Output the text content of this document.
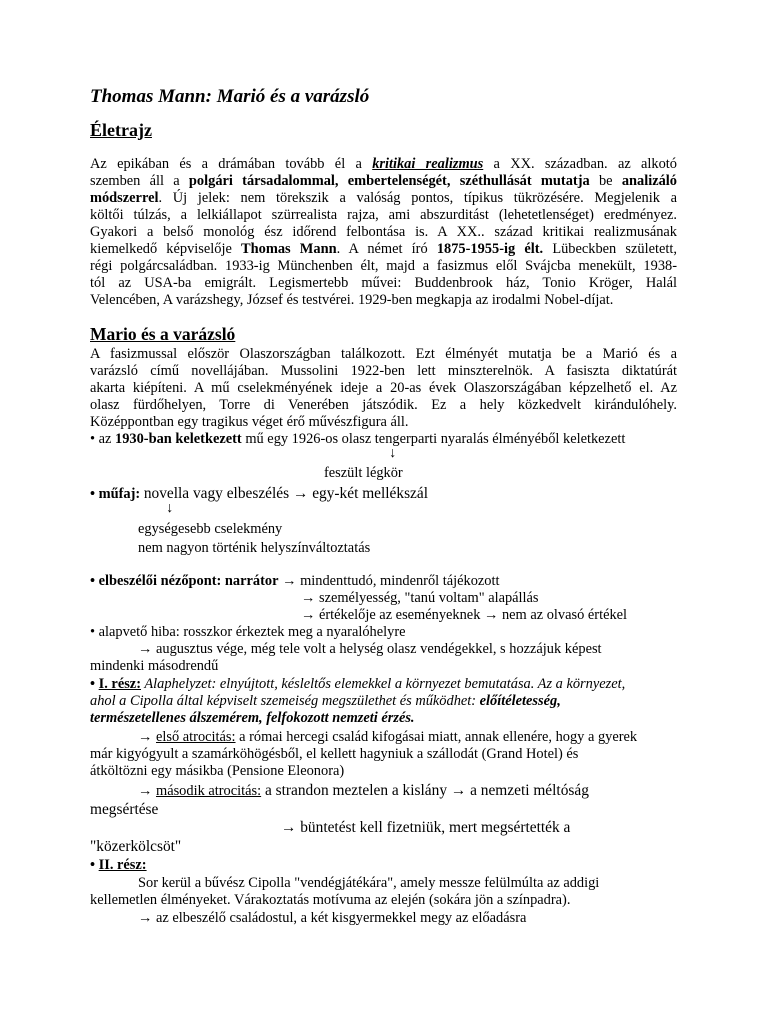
Thomas Mann: Marió és a varázsló
Életrajz
Az epikában és a drámában tovább él a kritikai realizmus a XX. században. az alkotó
szemben áll a polgári társadalommal, embertelenségét, széthullását mutatja be analizáló
módszerrel. Új jelek: nem törekszik a valóság pontos, típikus tükrözésére. Megjelenik a
költői túlzás, a lelkiállapot szürrealista rajza, ami abszurditást (lehetetlenséget) eredményez.
Gyakori a belső monológ ész időrend felbontása is. A XX.. század kritikai realizmusának
kiemelkedő képviselője Thomas Mann. A német író 1875-1955-ig élt. Lübeckben született,
régi polgárcsaládban. 1933-ig Münchenben élt, majd a fasizmus elől Svájcba menekült, 1938-
tól az USA-ba emigrált. Legismertebb művei: Buddenbrook ház, Tonio Kröger, Halál
Velencében, A varázshegy, József és testvérei. 1929-ben megkapja az irodalmi Nobel-díjat.
Mario és a varázsló
A fasizmussal először Olaszországban találkozott. Ezt élményét mutatja be a Marió és a
varázsló című novellájában. Mussolini 1922-ben lett minszterelnök. A fasiszta diktatúrát
akarta kiépíteni. A mű cselekményének ideje a 20-as évek Olaszországában képzelhető el. Az
olasz fürdőhelyen, Torre di Venerében játszódik. Ez a hely közkedvelt kirándulóhely.
Középpontban egy tragikus véget érő művészfigura áll.
• az 1930-ban keletkezett mű egy 1926-os olasz tengerparti nyaralás élményéből keletkezett
↓
feszült légkör
• műfaj: novella vagy elbeszélés → egy-két mellékszál
↓
egységesebb cselekmény
nem nagyon történik helyszínváltoztatás
• elbeszélői nézőpont: narrátor → mindenttudó, mindenről tájékozott
→ személyesség, "tanú voltam" alapállás
→ értékelője az eseményeknek → nem az olvasó értékel
• alapvető hiba: rosszkor érkeztek meg a nyaralóhelyre
→ augusztus vége, még tele volt a helység olasz vendégekkel, s hozzájuk képest
mindenki másodrendű
• I. rész: Alaphelyzet: elnyújtott, késleltős elemekkel a környezet bemutatása. Az a környezet,
ahol a Cipolla által képviselt szemeiség megszülethet és működhet: előítéletesség,
természetellenes álszemérem, felfokozott nemzeti érzés.
→ első atrocitás: a római hercegi család kifogásai miatt, annak ellenére, hogy a gyerek
már kigyógyult a szamárköhögésből, el kellett hagyniuk a szállodát (Grand Hotel) és
átköltözni egy másikba (Pensione Eleonora)
→ második atrocitás: a strandon meztelen a kislány → a nemzeti méltóság
megsértése
→ büntetést kell fizetniük, mert megsértették a
"közerkölcsöt"
• II. rész:
Sor kerül a bűvész Cipolla "vendégjátékára", amely messze felülmúlta az addigi
kellemetlen élményeket. Várakoztatás motívuma az elején (sokára jön a színpadra).
→ az elbeszélő családostul, a két kisgyermekkel megy az előadásra
